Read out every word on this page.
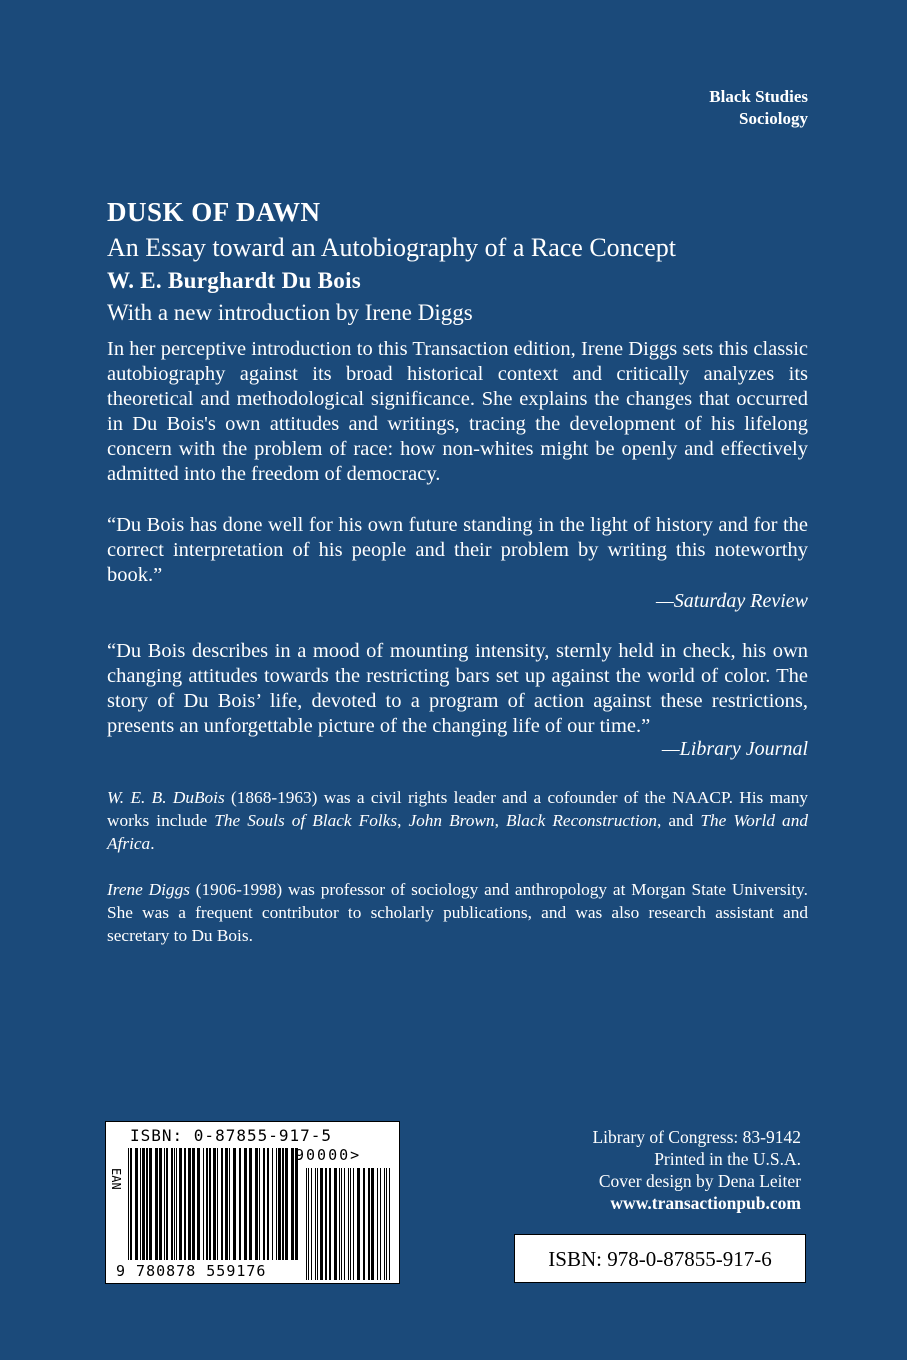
Black Studies
Sociology
DUSK OF DAWN
An Essay toward an Autobiography of a Race Concept
W. E. Burghardt Du Bois
With a new introduction by Irene Diggs

In her perceptive introduction to this Transaction edition, Irene Diggs sets this classic autobiography against its broad historical context and critically analyzes its theoretical and methodological significance. She explains the changes that occurred in Du Bois's own attitudes and writings, tracing the development of his lifelong concern with the problem of race: how non-whites might be openly and effectively admitted into the freedom of democracy.

“Du Bois has done well for his own future standing in the light of history and for the correct interpretation of his people and their problem by writing this noteworthy book.”

—Saturday Review

“Du Bois describes in a mood of mounting intensity, sternly held in check, his own changing attitudes towards the restricting bars set up against the world of color. The story of Du Bois’ life, devoted to a program of action against these restrictions, presents an unforgettable picture of the changing life of our time.”

—Library Journal

W. E. B. DuBois (1868-1963) was a civil rights leader and a cofounder of the NAACP. His many works include The Souls of Black Folks, John Brown, Black Reconstruction, and The World and Africa.

Irene Diggs (1906-1998) was professor of sociology and anthropology at Morgan State University. She was a frequent contributor to scholarly publications, and was also research assistant and secretary to Du Bois.

ISBN: 0-87855-917-5
EAN
9 780878 559176
90000>
Library of Congress: 83-9142
Printed in the U.S.A.
Cover design by Dena Leiter
www.transactionpub.com
ISBN: 978-0-87855-917-6
